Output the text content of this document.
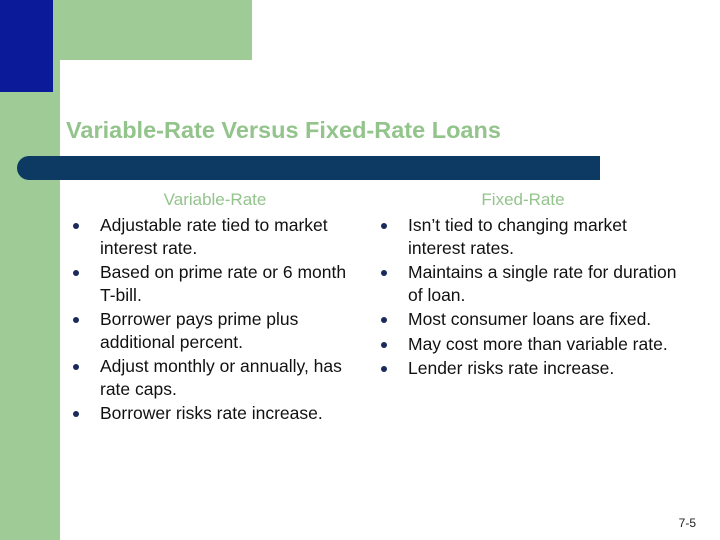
Variable-Rate Versus Fixed-Rate Loans
Variable-Rate
Adjustable rate tied to market interest rate.
Based on prime rate or 6 month T-bill.
Borrower pays prime plus additional percent.
Adjust monthly or annually, has rate caps.
Borrower risks rate increase.
Fixed-Rate
Isn’t tied to changing market interest rates.
Maintains a single rate for duration of loan.
Most consumer loans are fixed.
May cost more than variable rate.
Lender risks rate increase.
7-5
